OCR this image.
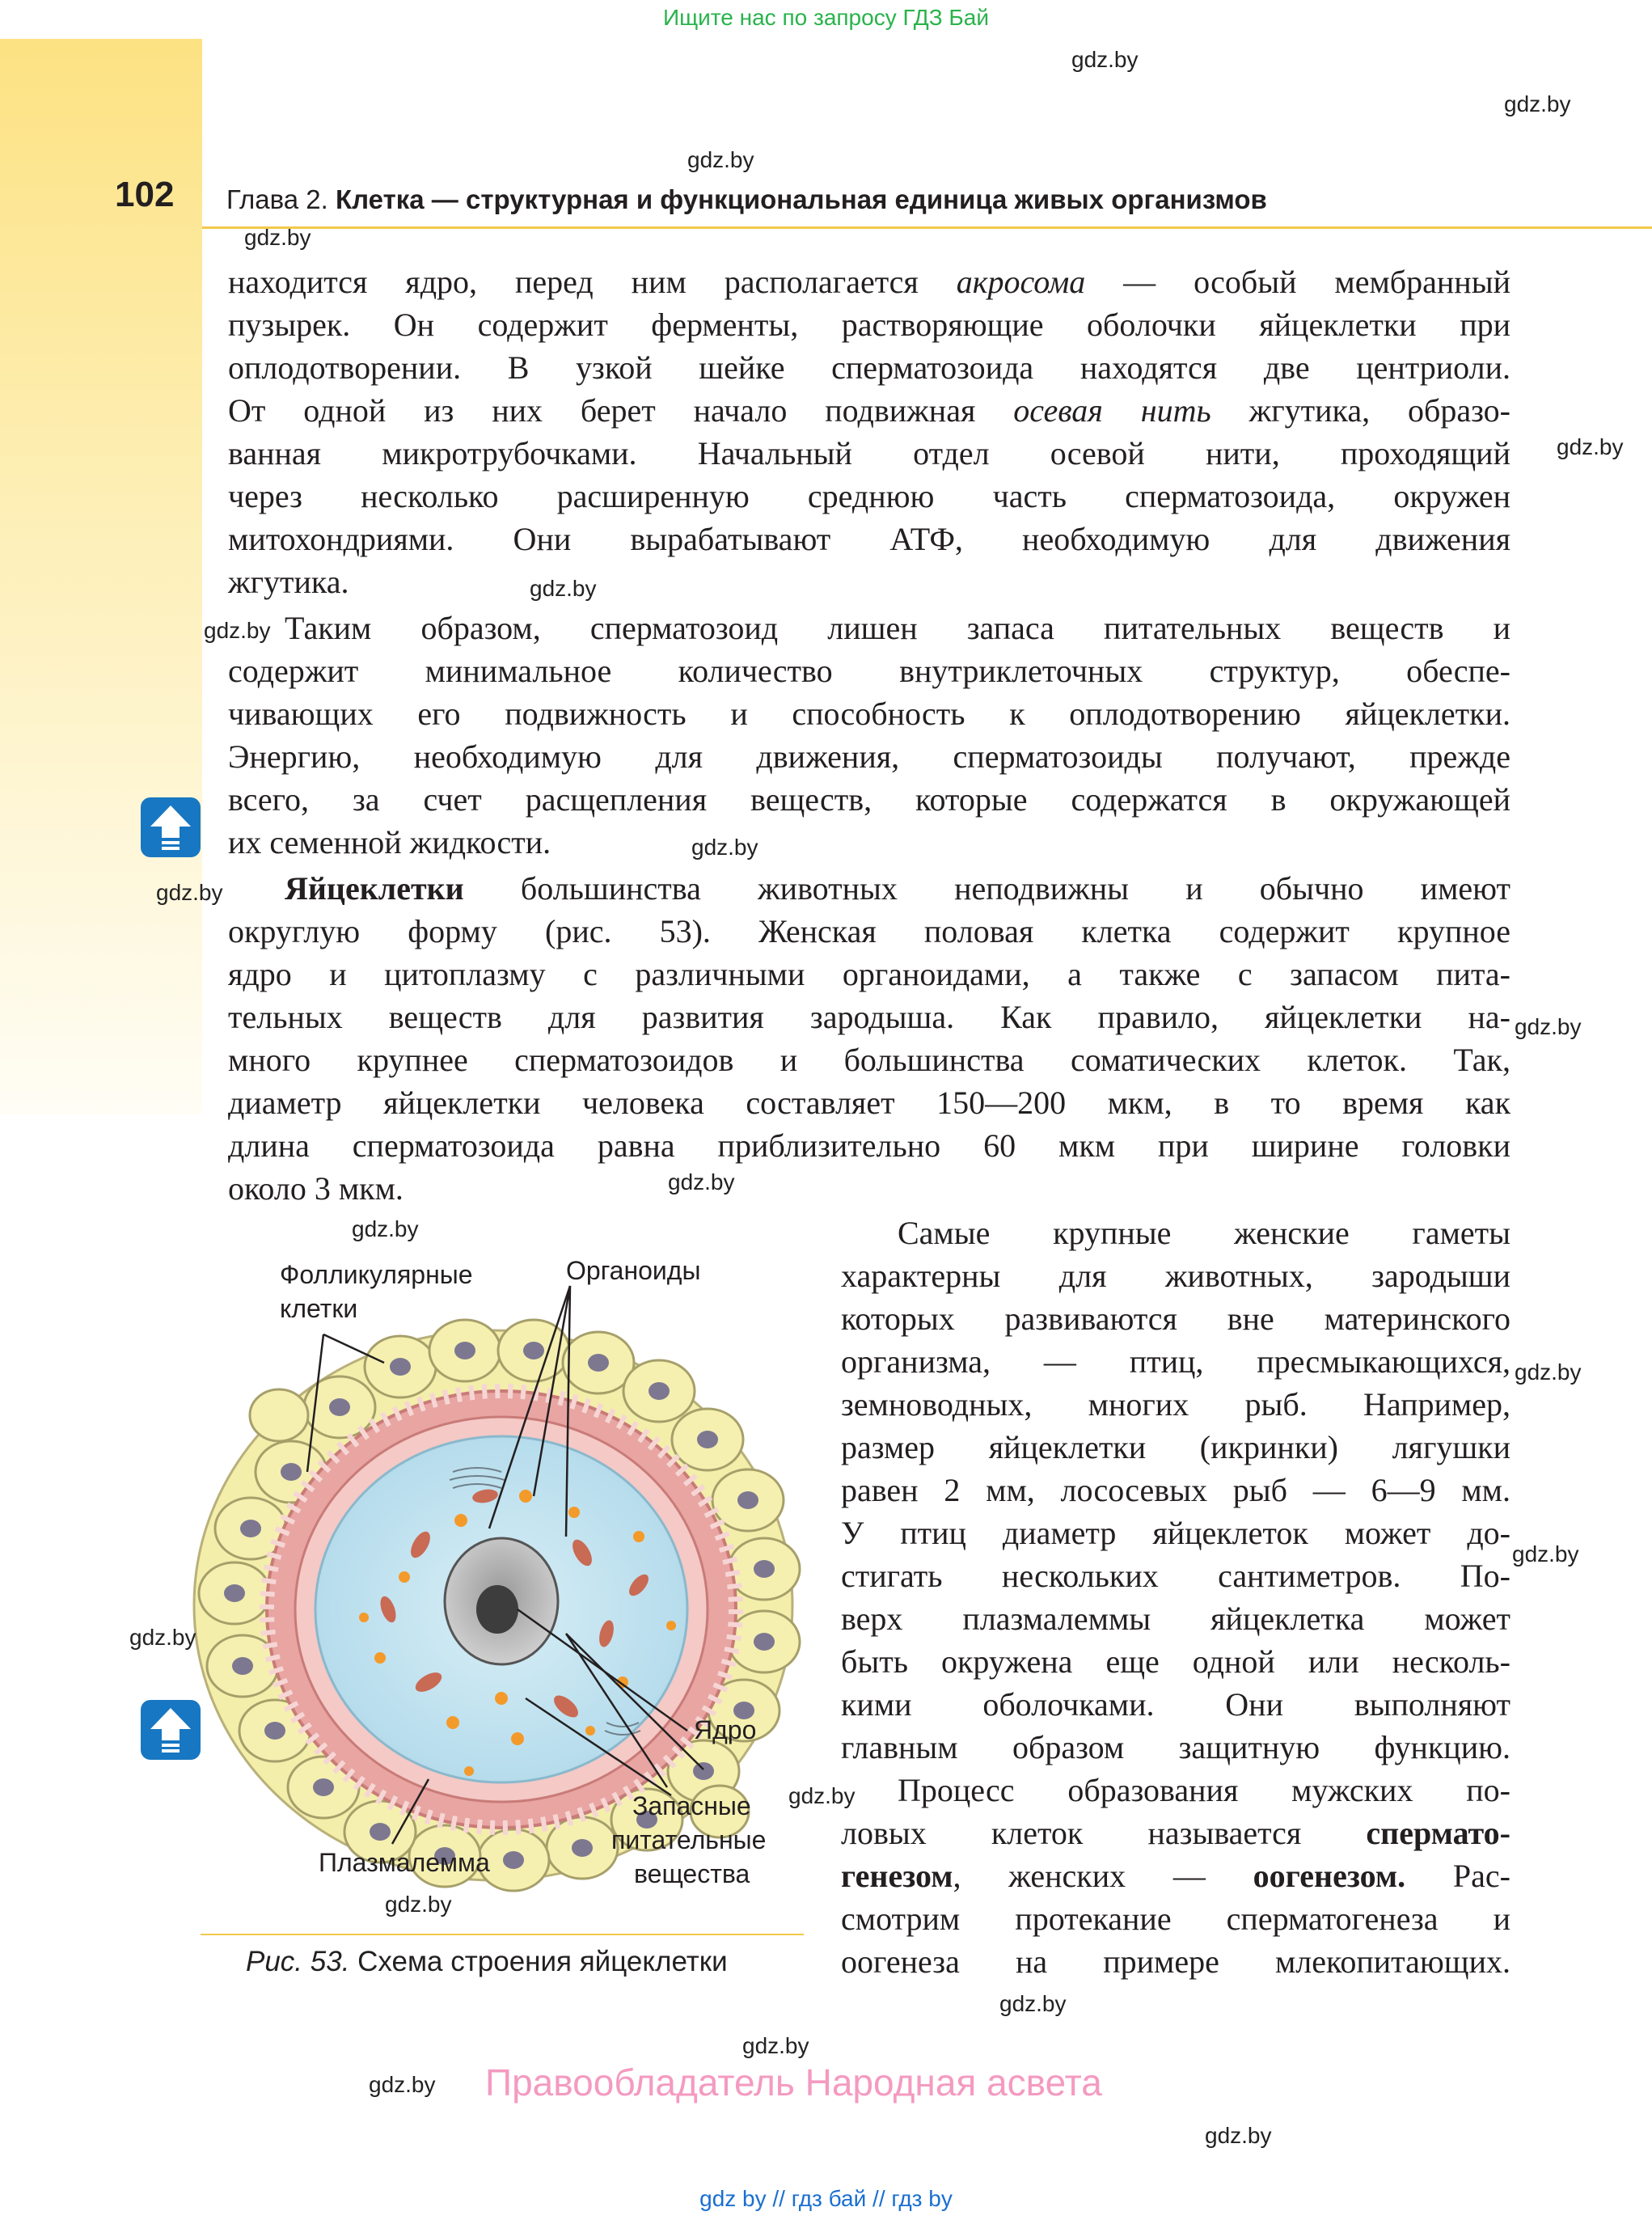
Ищите нас по запросу ГДЗ Бай
102 Глава 2. Клетка — структурная и функциональная единица живых организмов
находится ядро, перед ним располагается акросома — особый мембранный
пузырек. Он содержит ферменты, растворяющие оболочки яйцеклетки при
оплодотворении. В узкой шейке сперматозоида находятся две центриоли.
От одной из них берет начало подвижная осевая нить жгутика, образо-
ванная микротрубочками. Начальный отдел осевой нити, проходящий
через несколько расширенную среднюю часть сперматозоида, окружен
митохондриями. Они вырабатывают АТФ, необходимую для движения
жгутика.
Таким образом, сперматозоид лишен запаса питательных веществ и
содержит минимальное количество внутриклеточных структур, обеспе-
чивающих его подвижность и способность к оплодотворению яйцеклетки.
Энергию, необходимую для движения, сперматозоиды получают, прежде
всего, за счет расщепления веществ, которые содержатся в окружающей
их семенной жидкости.
Яйцеклетки большинства животных неподвижны и обычно имеют
округлую форму (рис. 53). Женская половая клетка содержит крупное
ядро и цитоплазму с различными органоидами, а также с запасом пита-
тельных веществ для развития зародыша. Как правило, яйцеклетки на-
много крупнее сперматозоидов и большинства соматических клеток. Так,
диаметр яйцеклетки человека составляет 150—200 мкм, в то время как
длина сперматозоида равна приблизительно 60 мкм при ширине головки
около 3 мкм.
Самые крупные женские гаметы
характерны для животных, зародыши
которых развиваются вне материнского
организма, — птиц, пресмыкающихся,
земноводных, многих рыб. Например,
размер яйцеклетки (икринки) лягушки
равен 2 мм, лососевых рыб — 6—9 мм.
У птиц диаметр яйцеклеток может до-
стигать нескольких сантиметров. По-
верх плазмалеммы яйцеклетка может
быть окружена еще одной или несколь-
кими оболочками. Они выполняют
главным образом защитную функцию.
Процесс образования мужских по-
ловых клеток называется спермато-
генезом, женских — оогенезом. Рас-
смотрим протекание сперматогенеза и
оогенеза на примере млекопитающих.
Фолликулярные
клетки
Органоиды
Ядро
Запасные
питательные
вещества
Плазмалемма
Рис. 53. Схема строения яйцеклетки
gdz.by
gdz.by
gdz.by
gdz.by
gdz.by
gdz.by
gdz.by
gdz.by
gdz.by
gdz.by
gdz.by
gdz.by
gdz.by
gdz.by
gdz.by
gdz.by
gdz.by
gdz.by
gdz.by
gdz.by
gdz.by
Правообладатель Народная асвета
gdz by // гдз бай // гдз by
